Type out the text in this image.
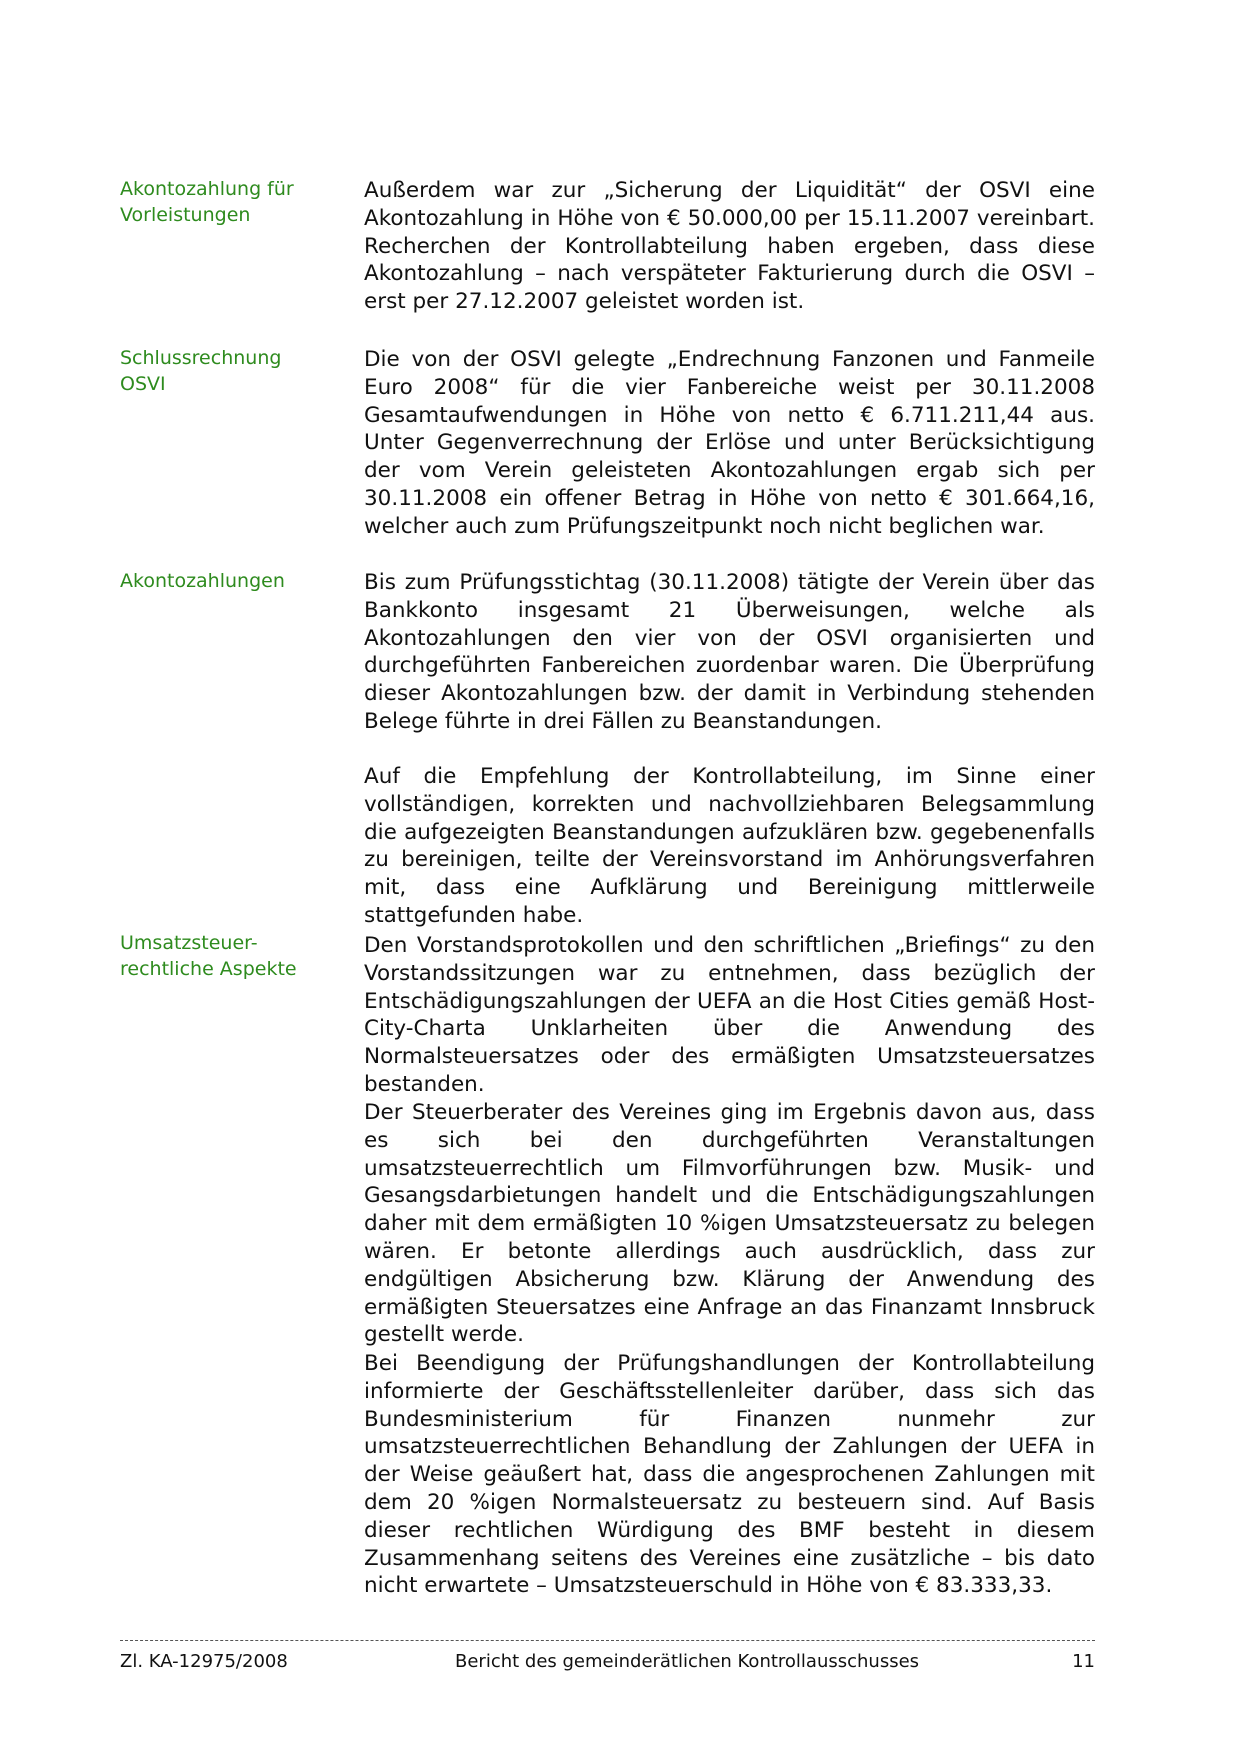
Akontozahlung für
Vorleistungen

Außerdem war zur „Sicherung der Liquidität“ der OSVI eine Akontozahlung in Höhe von € 50.000,00 per 15.11.2007 vereinbart. Recherchen der Kontrollabteilung haben ergeben, dass diese Akontozahlung – nach verspäteter Fakturierung durch die OSVI – erst per 27.12.2007 geleistet worden ist.

Schlussrechnung
OSVI

Die von der OSVI gelegte „Endrechnung Fanzonen und Fanmeile Euro 2008“ für die vier Fanbereiche weist per 30.11.2008 Gesamtaufwendungen in Höhe von netto € 6.711.211,44 aus. Unter Gegenverrechnung der Erlöse und unter Berücksichtigung der vom Verein geleisteten Akontozahlungen ergab sich per 30.11.2008 ein offener Betrag in Höhe von netto € 301.664,16, welcher auch zum Prüfungszeitpunkt noch nicht beglichen war.

Akontozahlungen	Bis zum Prüfungsstichtag (30.11.2008) tätigte der Verein über das Bankkonto insgesamt 21 Überweisungen, welche als Akontozahlungen den vier von der OSVI organisierten und durchgeführten Fanbereichen zuordenbar waren. Die Überprüfung dieser Akontozahlungen bzw. der damit in Verbindung stehenden Belege führte in drei Fällen zu Beanstandungen.

Auf die Empfehlung der Kontrollabteilung, im Sinne einer vollständigen, korrekten und nachvollziehbaren Belegsammlung die aufgezeigten Beanstandungen aufzuklären bzw. gegebenenfalls zu bereinigen, teilte der Vereinsvorstand im Anhörungsverfahren mit, dass eine Aufklärung und Bereinigung mittlerweile stattgefunden habe.

Umsatzsteuer-
rechtliche Aspekte

Den Vorstandsprotokollen und den schriftlichen „Briefings“ zu den Vorstandssitzungen war zu entnehmen, dass bezüglich der Entschädigungszahlungen der UEFA an die Host Cities gemäß Host-City-Charta Unklarheiten über die Anwendung des Normalsteuersatzes oder des ermäßigten Umsatzsteuersatzes bestanden.

Der Steuerberater des Vereines ging im Ergebnis davon aus, dass es sich bei den durchgeführten Veranstaltungen umsatzsteuerrechtlich um Filmvorführungen bzw. Musik- und Gesangsdarbietungen handelt und die Entschädigungszahlungen daher mit dem ermäßigten 10 %igen Umsatzsteuersatz zu belegen wären. Er betonte allerdings auch ausdrücklich, dass zur endgültigen Absicherung bzw. Klärung der Anwendung des ermäßigten Steuersatzes eine Anfrage an das Finanzamt Innsbruck gestellt werde.

Bei Beendigung der Prüfungshandlungen der Kontrollabteilung informierte der Geschäftsstellenleiter darüber, dass sich das Bundesministerium für Finanzen nunmehr zur umsatzsteuerrechtlichen Behandlung der Zahlungen der UEFA in der Weise geäußert hat, dass die angesprochenen Zahlungen mit dem 20 %igen Normalsteuersatz zu besteuern sind. Auf Basis dieser rechtlichen Würdigung des BMF besteht in diesem Zusammenhang seitens des Vereines eine zusätzliche – bis dato nicht erwartete – Umsatzsteuerschuld in Höhe von € 83.333,33.

Zl. KA-12975/2008	Bericht des gemeinderätlichen Kontrollausschusses	11
